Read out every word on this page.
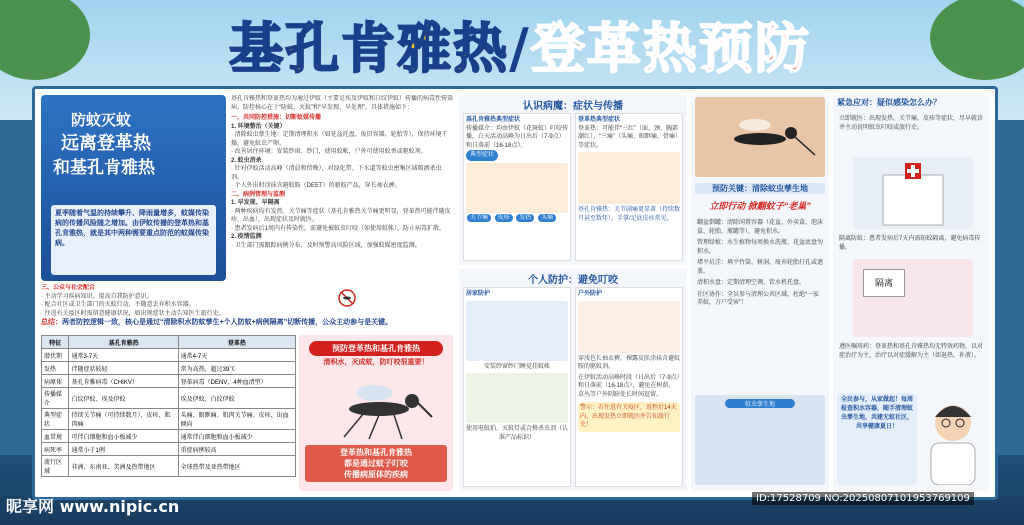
基孔肯雅热/登革热预防
防蚊灭蚊
远离登革热
和基孔肯雅热
夏季随着气温的持续攀升、降雨量增多，蚊媒传染病的传播风险随之增加。由伊蚊传播的登革热和基孔肯雅热，就是其中两种需要重点防范的蚊媒传染病。
基孔肯雅热和登革热均为通过伊蚊（主要是埃及伊蚊和白纹伊蚊）传播的病毒性传染病，防控核心在于“防蚊、灭蚊”和“早发现、早处理”，具体措施如下：
一、共同防控措施：切断蚊媒传播
1. 环境整治（关键）
· 清除蚊虫孳生地：定期清理积水（如花盆托盘、废旧容器、轮胎等），保持环境干燥，避免蚊虫产卵。
· 改善居住环境：安装纱窗、纱门，使用蚊帐，户外可使用蚊香或驱蚊剂。
2. 蚊虫消杀
· 针对伊蚊活动高峰（清晨和傍晚），对绿化带、下水道等蚊虫密集区域喷洒杀虫剂。
· 个人外出时涂抹含避蚊胺（DEET）的驱蚊产品，穿长袖衣裤。
二、病例管理与监测
1. 早发现、早隔离
· 两种疾病均有发热、关节痛等症状（基孔肯雅热关节痛更明显，登革热可能伴随皮疹、出血），出现症状及时就医。
· 患者发病后1周内有传染性，需避免被蚊虫叮咬（如使用蚊帐），防止病毒扩散。
2. 疫情监测
· 卫生部门需跟踪病例分布，及时预警高风险区域，加强蚊媒密度监测。
三、公众与社会配合
· 主动学习疾病知识，提高自我防护意识。
· 配合社区或卫生部门的灭蚊行动，不随意丢弃积水容器。
· 往返有关疫区时需留意健康状况，如出现症状主动告知医生旅行史。
总结：两者防控逻辑一致，核心是通过“清除积水防蚊孳生+个人防蚊+病例隔离”切断传播，公众主动参与是关键。
特征	基孔肯雅热	登革热
潜伏期	通常3-7天	通常4-7天
发热	伴随症状较轻	常为高热，超过39℃
病原体	基孔肯雅病毒（CHIKV）	登革病毒（DENV，4种血清型）
传播媒介	白纹伊蚊、埃及伊蚊	埃及伊蚊、白纹伊蚊
典型症状	持续关节痛（可持续数月）、皮疹、肌肉痛	头痛、眼眶痛、肌肉关节痛、皮疹、出血倾向
血常规	可伴白细胞和血小板减少	通常伴白细胞和血小板减少
病死率	通常小于1例	重症病例较高
流行区域	非洲、东南亚、美洲及热带地区	全球热带及亚热带地区
预防登革热和基孔肯雅热
清积水，灭成蚊，防叮咬很重要！
登革热和基孔肯雅热
都是通过蚊子叮咬
传播病原体的疾病
认识病魔：症状与传播
基孔肯雅热典型症状
传播媒介：均由伊蚊（花斑蚊）叮咬传播，白天活动高峰为日出后（7-9点）和日落前（16-18点）。
典型症状
关节痛 皮疹 发热 头痛
登革热典型症状
登革热：可能伴“三红”（面、颈、胸部潮红）、“三痛”（头痛、眼眶痛、骨痛）等症状。
基孔肯雅热：关节剧痛更显著（持续数月甚至数年），手掌/足底皮疹常见。
个人防护：避免叮咬
居家防护
安装纱窗纱门睡觉挂蚊帐
使用电蚊拍、灭蚊灯或合格杀虫剂（认准产品标识）
户外防护
穿浅色长袖衣裤，裸露皮肤涂抹含避蚊胺的驱蚊剂。
在伊蚊活动高峰时段（日出后（7-9点）和日落前（16-18点），避免在树荫、草丛等户外阴暗处长时间逗留。
警示：若往返有关疫区，返程后14天内，出现发热立即就医并告知旅行史！
预防关键：清除蚊虫孳生地
立即行动 掀翻蚊子“老巢”
翻盆倒罐：清除闲置容器（花盆、外卖盒、泡沫盒、轮胎、瓶罐等），避免积水。
管理绿植：水生植物每周换水洗瓶、花盆底盘勿积水。
堵平坑洼：填平竹筒、树洞、废弃轮胎打孔或遮盖。
清积水盘：定期清理空调、饮水机托盘。
社区协作：全员参与清理公共区域，杜绝“一家养蚊，万户受害”！
蚊虫孳生地
紧急应对：疑似感染怎么办？
立即就医：出现发热、关节痛、皮疹等症状，尽早就诊并主动说明蚊虫叮咬或旅行史。
隔离防蚊：患者发病后7天内需防蚊隔离，避免病毒传播。
隔离
遵医嘱用药：登革热和基孔肯雅热均无特效药物，以对症治疗为主，治疗以对症缓解为主（如退热、补液）。
全民参与，从家做起！每周检查积水容器，随手清理蚊虫孳生地，共建无蚊社区，共享健康夏日！
昵享网 www.nipic.cn	ID:17528709 NO:20250807101953769109
